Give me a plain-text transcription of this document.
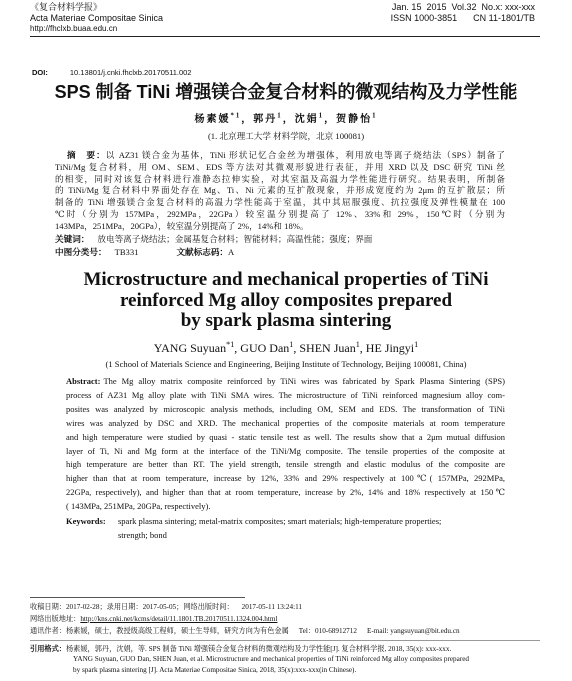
《复合材料学报》	Jan. 15  2015  Vol.32  No.x: xxx-xxx
Acta Materiae Compositae Sinica	ISSN 1000-3851 CN 11-1801/TB
http://fhclxb.buaa.edu.cn
DOI:	10.13801/j.cnki.fhclxb.20170511.002
SPS 制备 TiNi 增强镁合金复合材料的微观结构及力学性能
杨素媛$^{*1}$，郭丹$^1$，沈娟$^1$，贺静怡$^1$
(1. 北京理工大学 材料学院，北京 100081)
摘　要：以 AZ31 镁合金为基体，TiNi 形状记忆合金丝为增强体，利用放电等离子烧结法（SPS）制备了
TiNi/Mg 复合材料，用 OM、SEM、EDS 等方法对其微观形貌进行表征，并用 XRD 以及 DSC 研究 TiNi 丝
的相变，同时对该复合材料进行准静态拉伸实验，对其室温及高温力学性能进行研究。结果表明，所制备
的 TiNi/Mg 复合材料中界面处存在 Mg、Ti、Ni 元素的互扩散现象，并形成宽度约为 2μm 的互扩散层；所
制备的 TiNi 增强镁合金复合材料的高温力学性能高于室温，其中其屈服强度、抗拉强度及弹性模量在 100
℃时（分别为 157MPa，292MPa，22GPa）较室温分别提高了 12%、33%和 29%，150℃时（分别为
143MPa，251MPa，20GPa），较室温分别提高了 2%，14%和 18%。
关键词： 放电等离子烧结法；金属基复合材料；智能材料；高温性能；强度；界面
中图分类号： TB331	文献标志码：A
Microstructure and mechanical properties of TiNi
reinforced Mg alloy composites prepared
by spark plasma sintering
YANG Suyuan$^{*1}$, GUO Dan$^1$, SHEN Juan$^1$, HE Jingyi$^1$
(1 School of Materials Science and Engineering, Beijing Institute of Technology, Beijing 100081, China)
Abstract: The Mg alloy matrix composite reinforced by TiNi wires was fabricated by Spark Plasma Sintering (SPS)
process of AZ31 Mg alloy plate with TiNi SMA wires. The microstructure of TiNi reinforced magnesium alloy com-
posites was analyzed by microscopic analysis methods, including OM, SEM and EDS. The transformation of TiNi
wires was analyzed by DSC and XRD. The mechanical properties of the composite materials at room temperature
and high temperature were studied by quasi - static tensile test as well. The results show that a 2μm mutual diffusion
layer of Ti, Ni and Mg form at the interface of the TiNi/Mg composite. The tensile properties of the composite at
high temperature are better than RT. The yield strength, tensile strength and elastic modulus of the composite are
higher than that at room temperature, increase by 12%, 33% and 29% respectively at 100℃( 157MPa, 292MPa,
22GPa, respectively), and higher than that at room temperature, increase by 2%, 14% and 18% respectively at 150℃
( 143MPa, 251MPa, 20GPa, respectively).
Keywords: spark plasma sintering; metal-matrix composites; smart materials; high-temperature properties;
strength; bond
收稿日期：2017-02-28；录用日期：2017-05-05；网络出版时间： 2017-05-11 13:24:11
网络出版地址：http://kns.cnki.net/kcms/detail/11.1801.TB.20170511.1324.004.html
通讯作者：杨素媛，硕士，教授级高级工程师，硕士生导师，研究方向为有色金属 Tel：010-68912712 E-mail: yangsuyuan@bit.edu.cn
引用格式：杨素媛，郭丹，沈娟，等. SPS 制备 TiNi 增强镁合金复合材料的微观结构及力学性能[J]. 复合材料学报, 2018, 35(x): xxx-xxx.
YANG Suyuan, GUO Dan, SHEN Juan, et al. Microstructure and mechanical properties of TiNi reinforced Mg alloy composites prepared
by spark plasma sintering [J]. Acta Materiae Compositae Sinica, 2018, 35(x):xxx-xxx(in Chinese).
